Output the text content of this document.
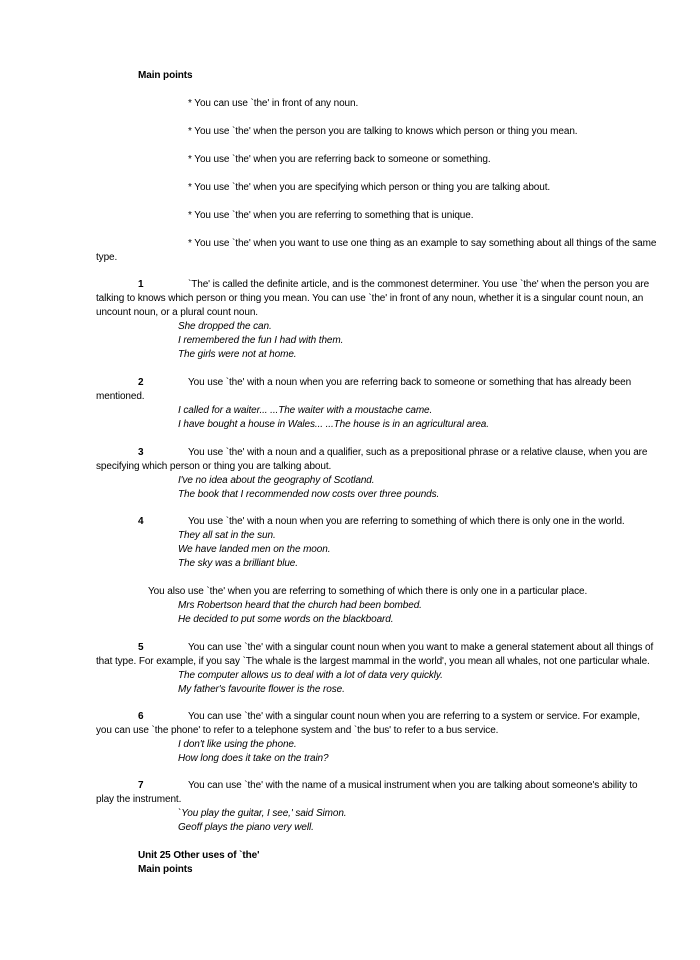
Main points
* You can use `the' in front of any noun.
* You use `the' when the person you are talking to knows which person or thing you mean.
* You use `the' when you are referring back to someone or something.
* You use `the' when you are specifying which person or thing you are talking about.
* You use `the' when you are referring to something that is unique.
* You use `the' when you want to use one thing as an example to say something about all things of the same
type.
1	`The' is called the definite article, and is the commonest determiner. You use `the' when the person you are talking to knows which person or thing you mean. You can use `the' in front of any noun, whether it is a singular count noun, an uncount noun, or a plural count noun.
She dropped the can.
I remembered the fun I had with them.
The girls were not at home.
2	You use `the' with a noun when you are referring back to someone or something that has already been mentioned.
I called for a waiter... ...The waiter with a moustache came.
I have bought a house in Wales... ...The house is in an agricultural area.
3	You use `the' with a noun and a qualifier, such as a prepositional phrase or a relative clause, when you are specifying which person or thing you are talking about.
I've no idea about the geography of Scotland.
The book that I recommended now costs over three pounds.
4	You use `the' with a noun when you are referring to something of which there is only one in the world.
They all sat in the sun.
We have landed men on the moon.
The sky was a brilliant blue.
You also use `the' when you are referring to something of which there is only one in a particular place.
Mrs Robertson heard that the church had been bombed.
He decided to put some words on the blackboard.
5	You can use `the' with a singular count noun when you want to make a general statement about all things of that type. For example, if you say `The whale is the largest mammal in the world', you mean all whales, not one particular whale.
The computer allows us to deal with a lot of data very quickly.
My father's favourite flower is the rose.
6	You can use `the' with a singular count noun when you are referring to a system or service. For example, you can use `the phone' to refer to a telephone system and `the bus' to refer to a bus service.
I don't like using the phone.
How long does it take on the train?
7	You can use `the' with the name of a musical instrument when you are talking about someone's ability to play the instrument.
`You play the guitar, I see,' said Simon.
Geoff plays the piano very well.
Unit 25 Other uses of `the'
Main points
